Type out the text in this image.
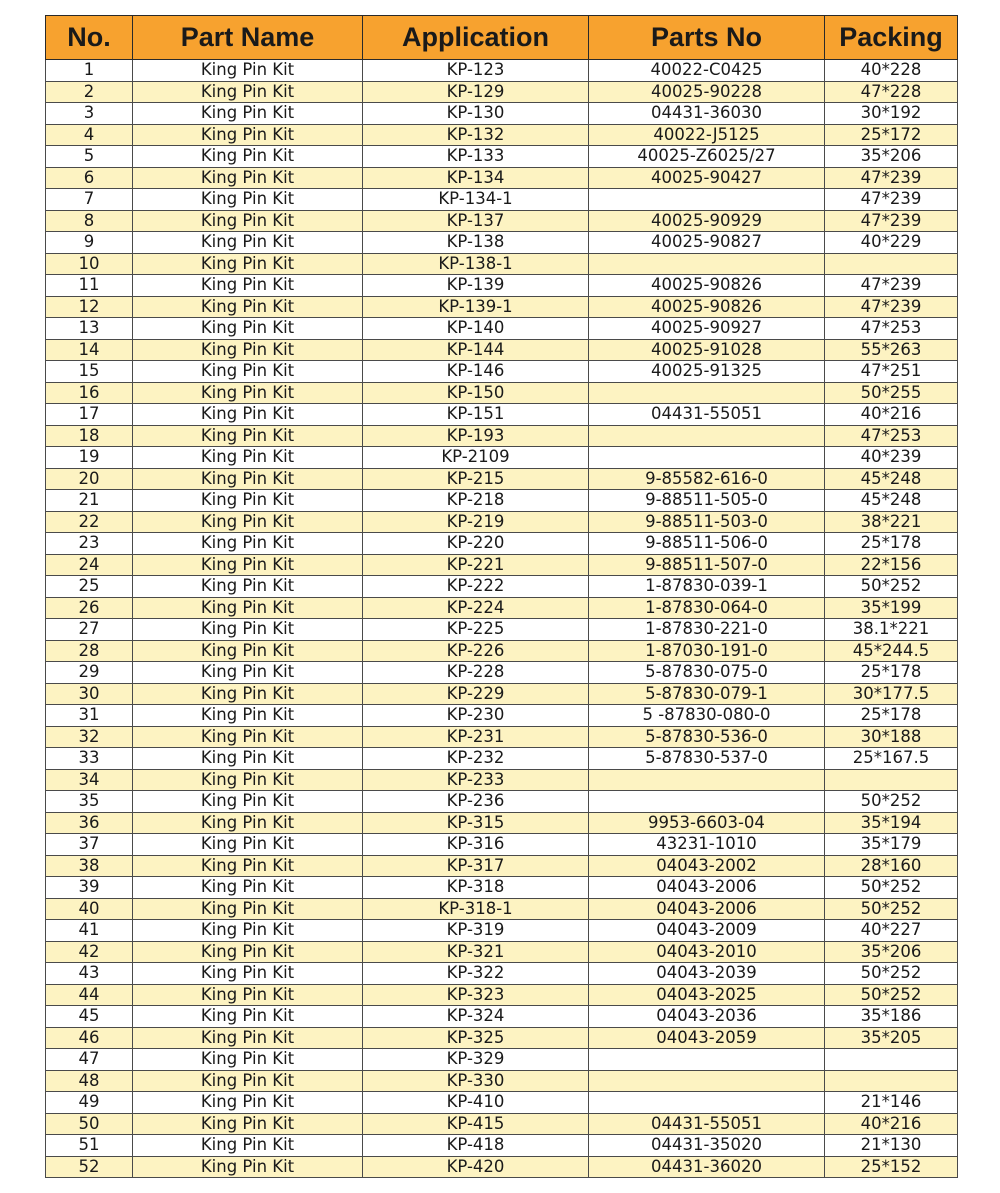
No.	Part Name	Application	Parts No	Packing
1	King Pin Kit	KP-123	40022-C0425	40*228
2	King Pin Kit	KP-129	40025-90228	47*228
3	King Pin Kit	KP-130	04431-36030	30*192
4	King Pin Kit	KP-132	40022-J5125	25*172
5	King Pin Kit	KP-133	40025-Z6025/27	35*206
6	King Pin Kit	KP-134	40025-90427	47*239
7	King Pin Kit	KP-134-1		47*239
8	King Pin Kit	KP-137	40025-90929	47*239
9	King Pin Kit	KP-138	40025-90827	40*229
10	King Pin Kit	KP-138-1		
11	King Pin Kit	KP-139	40025-90826	47*239
12	King Pin Kit	KP-139-1	40025-90826	47*239
13	King Pin Kit	KP-140	40025-90927	47*253
14	King Pin Kit	KP-144	40025-91028	55*263
15	King Pin Kit	KP-146	40025-91325	47*251
16	King Pin Kit	KP-150		50*255
17	King Pin Kit	KP-151	04431-55051	40*216
18	King Pin Kit	KP-193		47*253
19	King Pin Kit	KP-2109		40*239
20	King Pin Kit	KP-215	9-85582-616-0	45*248
21	King Pin Kit	KP-218	9-88511-505-0	45*248
22	King Pin Kit	KP-219	9-88511-503-0	38*221
23	King Pin Kit	KP-220	9-88511-506-0	25*178
24	King Pin Kit	KP-221	9-88511-507-0	22*156
25	King Pin Kit	KP-222	1-87830-039-1	50*252
26	King Pin Kit	KP-224	1-87830-064-0	35*199
27	King Pin Kit	KP-225	1-87830-221-0	38.1*221
28	King Pin Kit	KP-226	1-87030-191-0	45*244.5
29	King Pin Kit	KP-228	5-87830-075-0	25*178
30	King Pin Kit	KP-229	5-87830-079-1	30*177.5
31	King Pin Kit	KP-230	5 -87830-080-0	25*178
32	King Pin Kit	KP-231	5-87830-536-0	30*188
33	King Pin Kit	KP-232	5-87830-537-0	25*167.5
34	King Pin Kit	KP-233		
35	King Pin Kit	KP-236		50*252
36	King Pin Kit	KP-315	9953-6603-04	35*194
37	King Pin Kit	KP-316	43231-1010	35*179
38	King Pin Kit	KP-317	04043-2002	28*160
39	King Pin Kit	KP-318	04043-2006	50*252
40	King Pin Kit	KP-318-1	04043-2006	50*252
41	King Pin Kit	KP-319	04043-2009	40*227
42	King Pin Kit	KP-321	04043-2010	35*206
43	King Pin Kit	KP-322	04043-2039	50*252
44	King Pin Kit	KP-323	04043-2025	50*252
45	King Pin Kit	KP-324	04043-2036	35*186
46	King Pin Kit	KP-325	04043-2059	35*205
47	King Pin Kit	KP-329		
48	King Pin Kit	KP-330		
49	King Pin Kit	KP-410		21*146
50	King Pin Kit	KP-415	04431-55051	40*216
51	King Pin Kit	KP-418	04431-35020	21*130
52	King Pin Kit	KP-420	04431-36020	25*152
